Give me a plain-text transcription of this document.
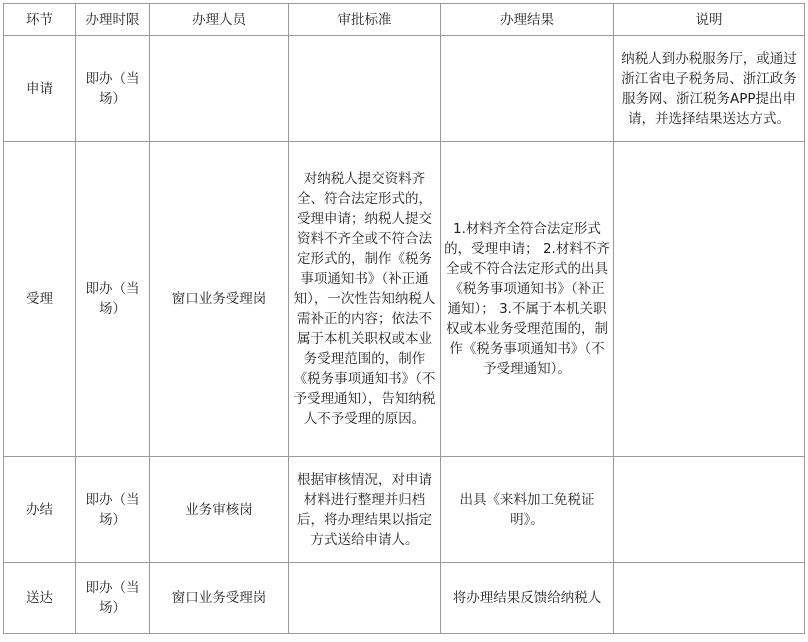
环节	办理时限	办理人员	审批标准	办理结果	说明
申请	即办（当场）				纳税人到办税服务厅，或通过浙江省电子税务局、浙江政务服务网、浙江税务APP提出申请，并选择结果送达方式。
受理	即办（当场）	窗口业务受理岗	对纳税人提交资料齐全、符合法定形式的，受理申请；纳税人提交资料不齐全或不符合法定形式的，制作《税务事项通知书》（补正通知），一次性告知纳税人需补正的内容；依法不属于本机关职权或本业务受理范围的，制作《税务事项通知书》（不予受理通知），告知纳税人不予受理的原因。	1.材料齐全符合法定形式的，受理申请； 2.材料不齐全或不符合法定形式的出具《税务事项通知书》（补正通知）； 3.不属于本机关职权或本业务受理范围的，制作《税务事项通知书》（不予受理通知）。	
办结	即办（当场）	业务审核岗	根据审核情况，对申请材料进行整理并归档后，将办理结果以指定方式送给申请人。	出具《来料加工免税证明》。	
送达	即办（当场）	窗口业务受理岗		将办理结果反馈给纳税人	
